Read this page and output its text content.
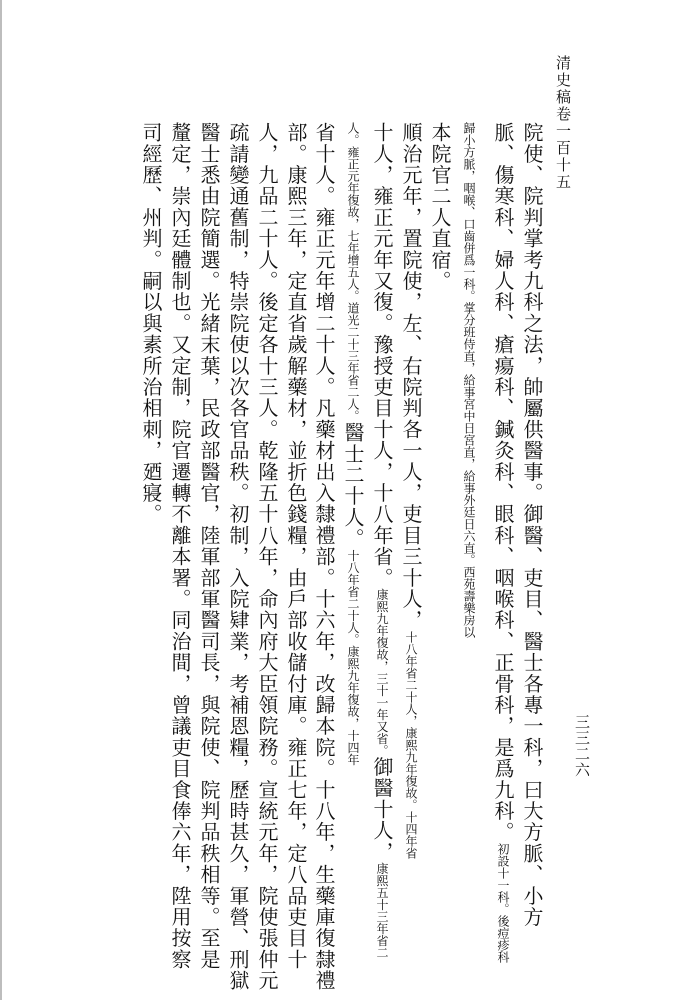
清史稿卷一百十五
三三二六
院使、院判掌考九科之法，帥屬供醫事。御醫、吏目、醫士各專一科，曰大方脈、小方
脈、傷寒科、婦人科、瘡瘍科、鍼灸科、眼科、咽喉科、正骨科，是爲九科。初設十一科。後痘疹科
歸小方脈，咽喉、口齒併爲一科。掌分班侍直，給事宮中日宮直，給事外廷日六直。西苑壽樂房以
本院官二人直宿。
順治元年，置院使，左、右院判各一人，吏目三十人，十八年省二十人，康熙九年復故。十四年省
十人，雍正元年又復。豫授吏目十人，十八年省。康熙九年復故，三十一年又省。御醫十人，康熙五十三年省二
人。雍正元年復故，七年增五人。道光二十三年省二人。醫士二十人。十八年省二十人。康熙九年復故，十四年
省十人。雍正元年增二十人。凡藥材出入隸禮部。十六年，改歸本院。十八年，生藥庫復隸禮
部。康熙三年，定直省歲解藥材，並折色錢糧，由戶部收儲付庫。雍正七年，定八品吏目十
人，九品二十人。後定各十三人。乾隆五十八年，命內府大臣領院務。宣統元年，院使張仲元
疏請變通舊制，特崇院使以次各官品秩。初制，入院肄業，考補恩糧，歷時甚久，軍營、刑獄
醫士悉由院簡選。光緒末葉，民政部醫官，陸軍部軍醫司長，與院使、院判品秩相等。至是
釐定，崇內廷體制也。又定制，院官遷轉不離本署。同治間，曾議吏目食俸六年，陞用按察
司經歷、州判。嗣以與素所治相刺，廼寢。
